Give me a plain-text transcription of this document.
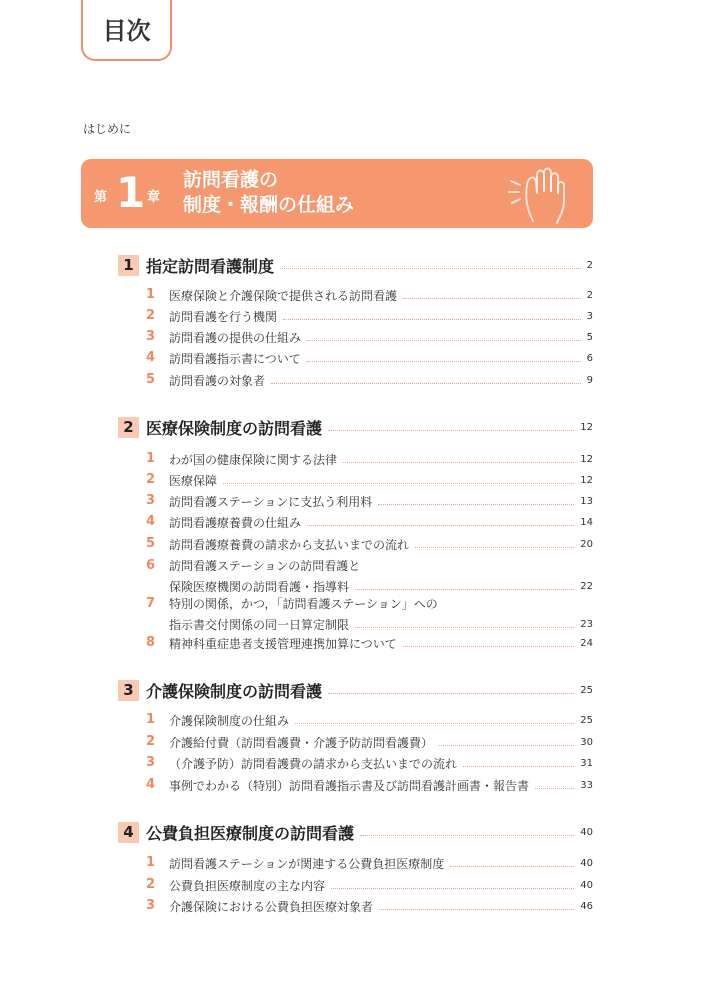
目次
はじめに
第 1 章
訪問看護の
制度・報酬の仕組み
1 指定訪問看護制度	2
1 医療保険と介護保険で提供される訪問看護	2
2 訪問看護を行う機関	3
3 訪問看護の提供の仕組み	5
4 訪問看護指示書について	6
5 訪問看護の対象者	9
2 医療保険制度の訪問看護	12
1 わが国の健康保険に関する法律	12
2 医療保障	12
3 訪問看護ステーションに支払う利用料	13
4 訪問看護療養費の仕組み	14
5 訪問看護療養費の請求から支払いまでの流れ	20
6 訪問看護ステーションの訪問看護と
保険医療機関の訪問看護・指導料	22
7 特別の関係，かつ，「訪問看護ステーション」への
指示書交付関係の同一日算定制限	23
8 精神科重症患者支援管理連携加算について	24
3 介護保険制度の訪問看護	25
1 介護保険制度の仕組み	25
2 介護給付費（訪問看護費・介護予防訪問看護費）	30
3 （介護予防）訪問看護費の請求から支払いまでの流れ	31
4 事例でわかる（特別）訪問看護指示書及び訪問看護計画書・報告書	33
4 公費負担医療制度の訪問看護	40
1 訪問看護ステーションが関連する公費負担医療制度	40
2 公費負担医療制度の主な内容	40
3 介護保険における公費負担医療対象者	46
